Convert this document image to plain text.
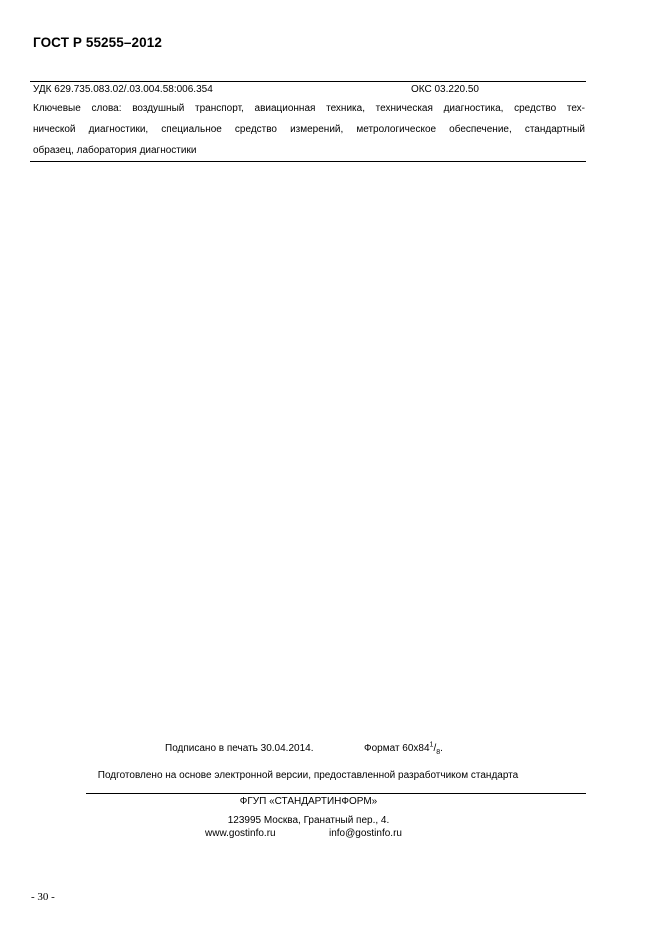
ГОСТ Р 55255–2012
УДК 629.735.083.02/.03.004.58:006.354	ОКС 03.220.50
Ключевые слова: воздушный транспорт, авиационная техника, техническая диагностика, средство тех-
нической диагностики, специальное средство измерений, метрологическое обеспечение, стандартный
образец, лаборатория диагностики
Подписано в печать 30.04.2014.	Формат $60х84^1/_8$.
Подготовлено на основе электронной версии, предоставленной разработчиком стандарта
ФГУП «СТАНДАРТИНФОРМ»
123995 Москва, Гранатный пер., 4.
www.gostinfo.ru	info@gostinfo.ru
- 30 -
